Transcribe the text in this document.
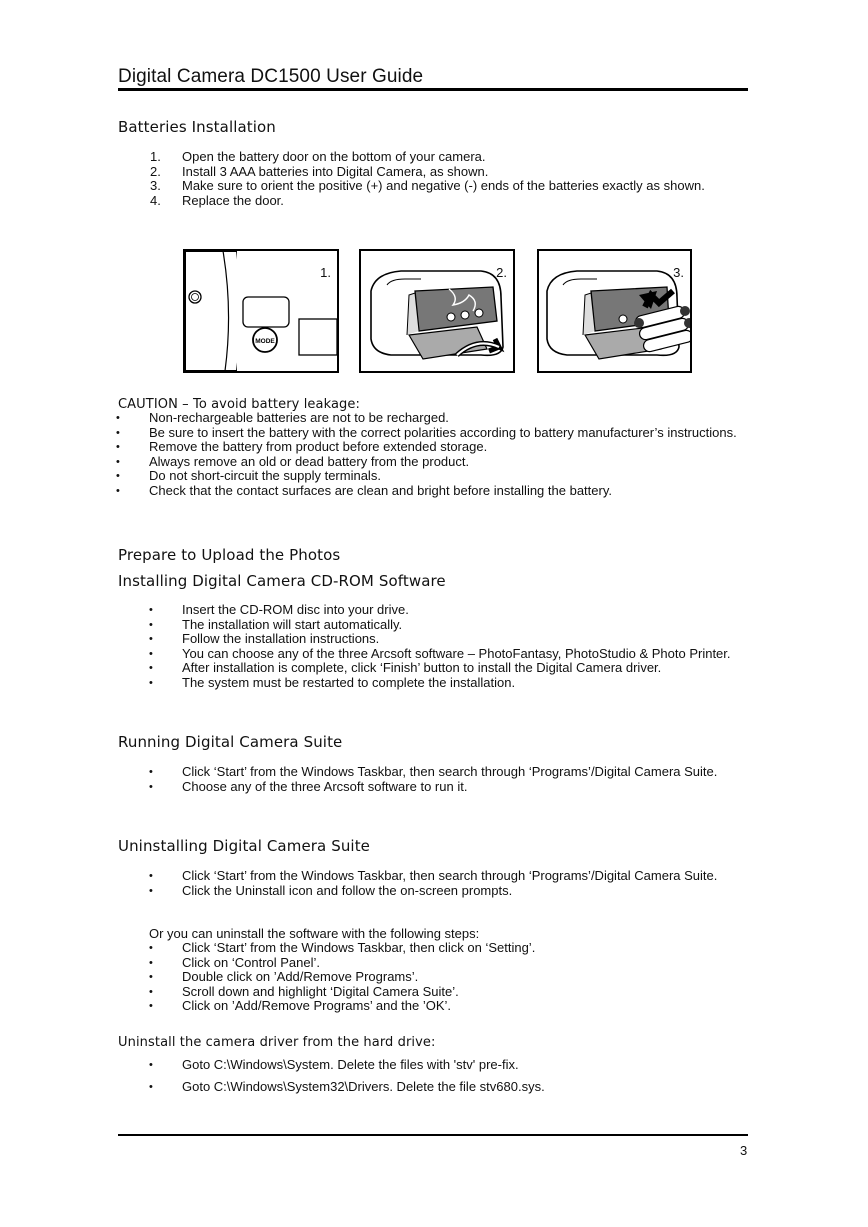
Digital Camera DC1500 User Guide
Batteries Installation
1.	Open the battery door on the bottom of your camera.
2.	Install 3 AAA batteries into Digital Camera, as shown.
3.	Make sure to orient the positive (+) and negative (-) ends of the batteries exactly as shown.
4.	Replace the door.
MODE
1.	2.	3.
CAUTION – To avoid battery leakage:
•	Non-rechargeable batteries are not to be recharged.
•	Be sure to insert the battery with the correct polarities according to battery manufacturer’s instructions.
•	Remove the battery from product before extended storage.
•	Always remove an old or dead battery from the product.
•	Do not short-circuit the supply terminals.
•	Check that the contact surfaces are clean and bright before installing the battery.
Prepare to Upload the Photos
Installing Digital Camera CD-ROM Software
•	Insert the CD-ROM disc into your drive.
•	The installation will start automatically.
•	Follow the installation instructions.
•	You can choose any of the three Arcsoft software – PhotoFantasy, PhotoStudio & Photo Printer.
•	After installation is complete, click ‘Finish’ button to install the Digital Camera driver.
•	The system must be restarted to complete the installation.
Running Digital Camera Suite
•	Click ‘Start’ from the Windows Taskbar, then search through ‘Programs’/Digital Camera Suite.
•	Choose any of the three Arcsoft software to run it.
Uninstalling Digital Camera Suite
•	Click ‘Start’ from the Windows Taskbar, then search through ‘Programs’/Digital Camera Suite.
•	Click the Uninstall icon and follow the on-screen prompts.
Or you can uninstall the software with the following steps:
•	Click ‘Start’ from the Windows Taskbar, then click on ‘Setting’.
•	Click on ‘Control Panel’.
•	Double click on ’Add/Remove Programs’.
•	Scroll down and highlight ‘Digital Camera Suite’.
•	Click on ’Add/Remove Programs’ and the ’OK’.
Uninstall the camera driver from the hard drive:
•	Goto C:\Windows\System. Delete the files with 'stv' pre-fix.
•	Goto C:\Windows\System32\Drivers. Delete the file stv680.sys.
3
